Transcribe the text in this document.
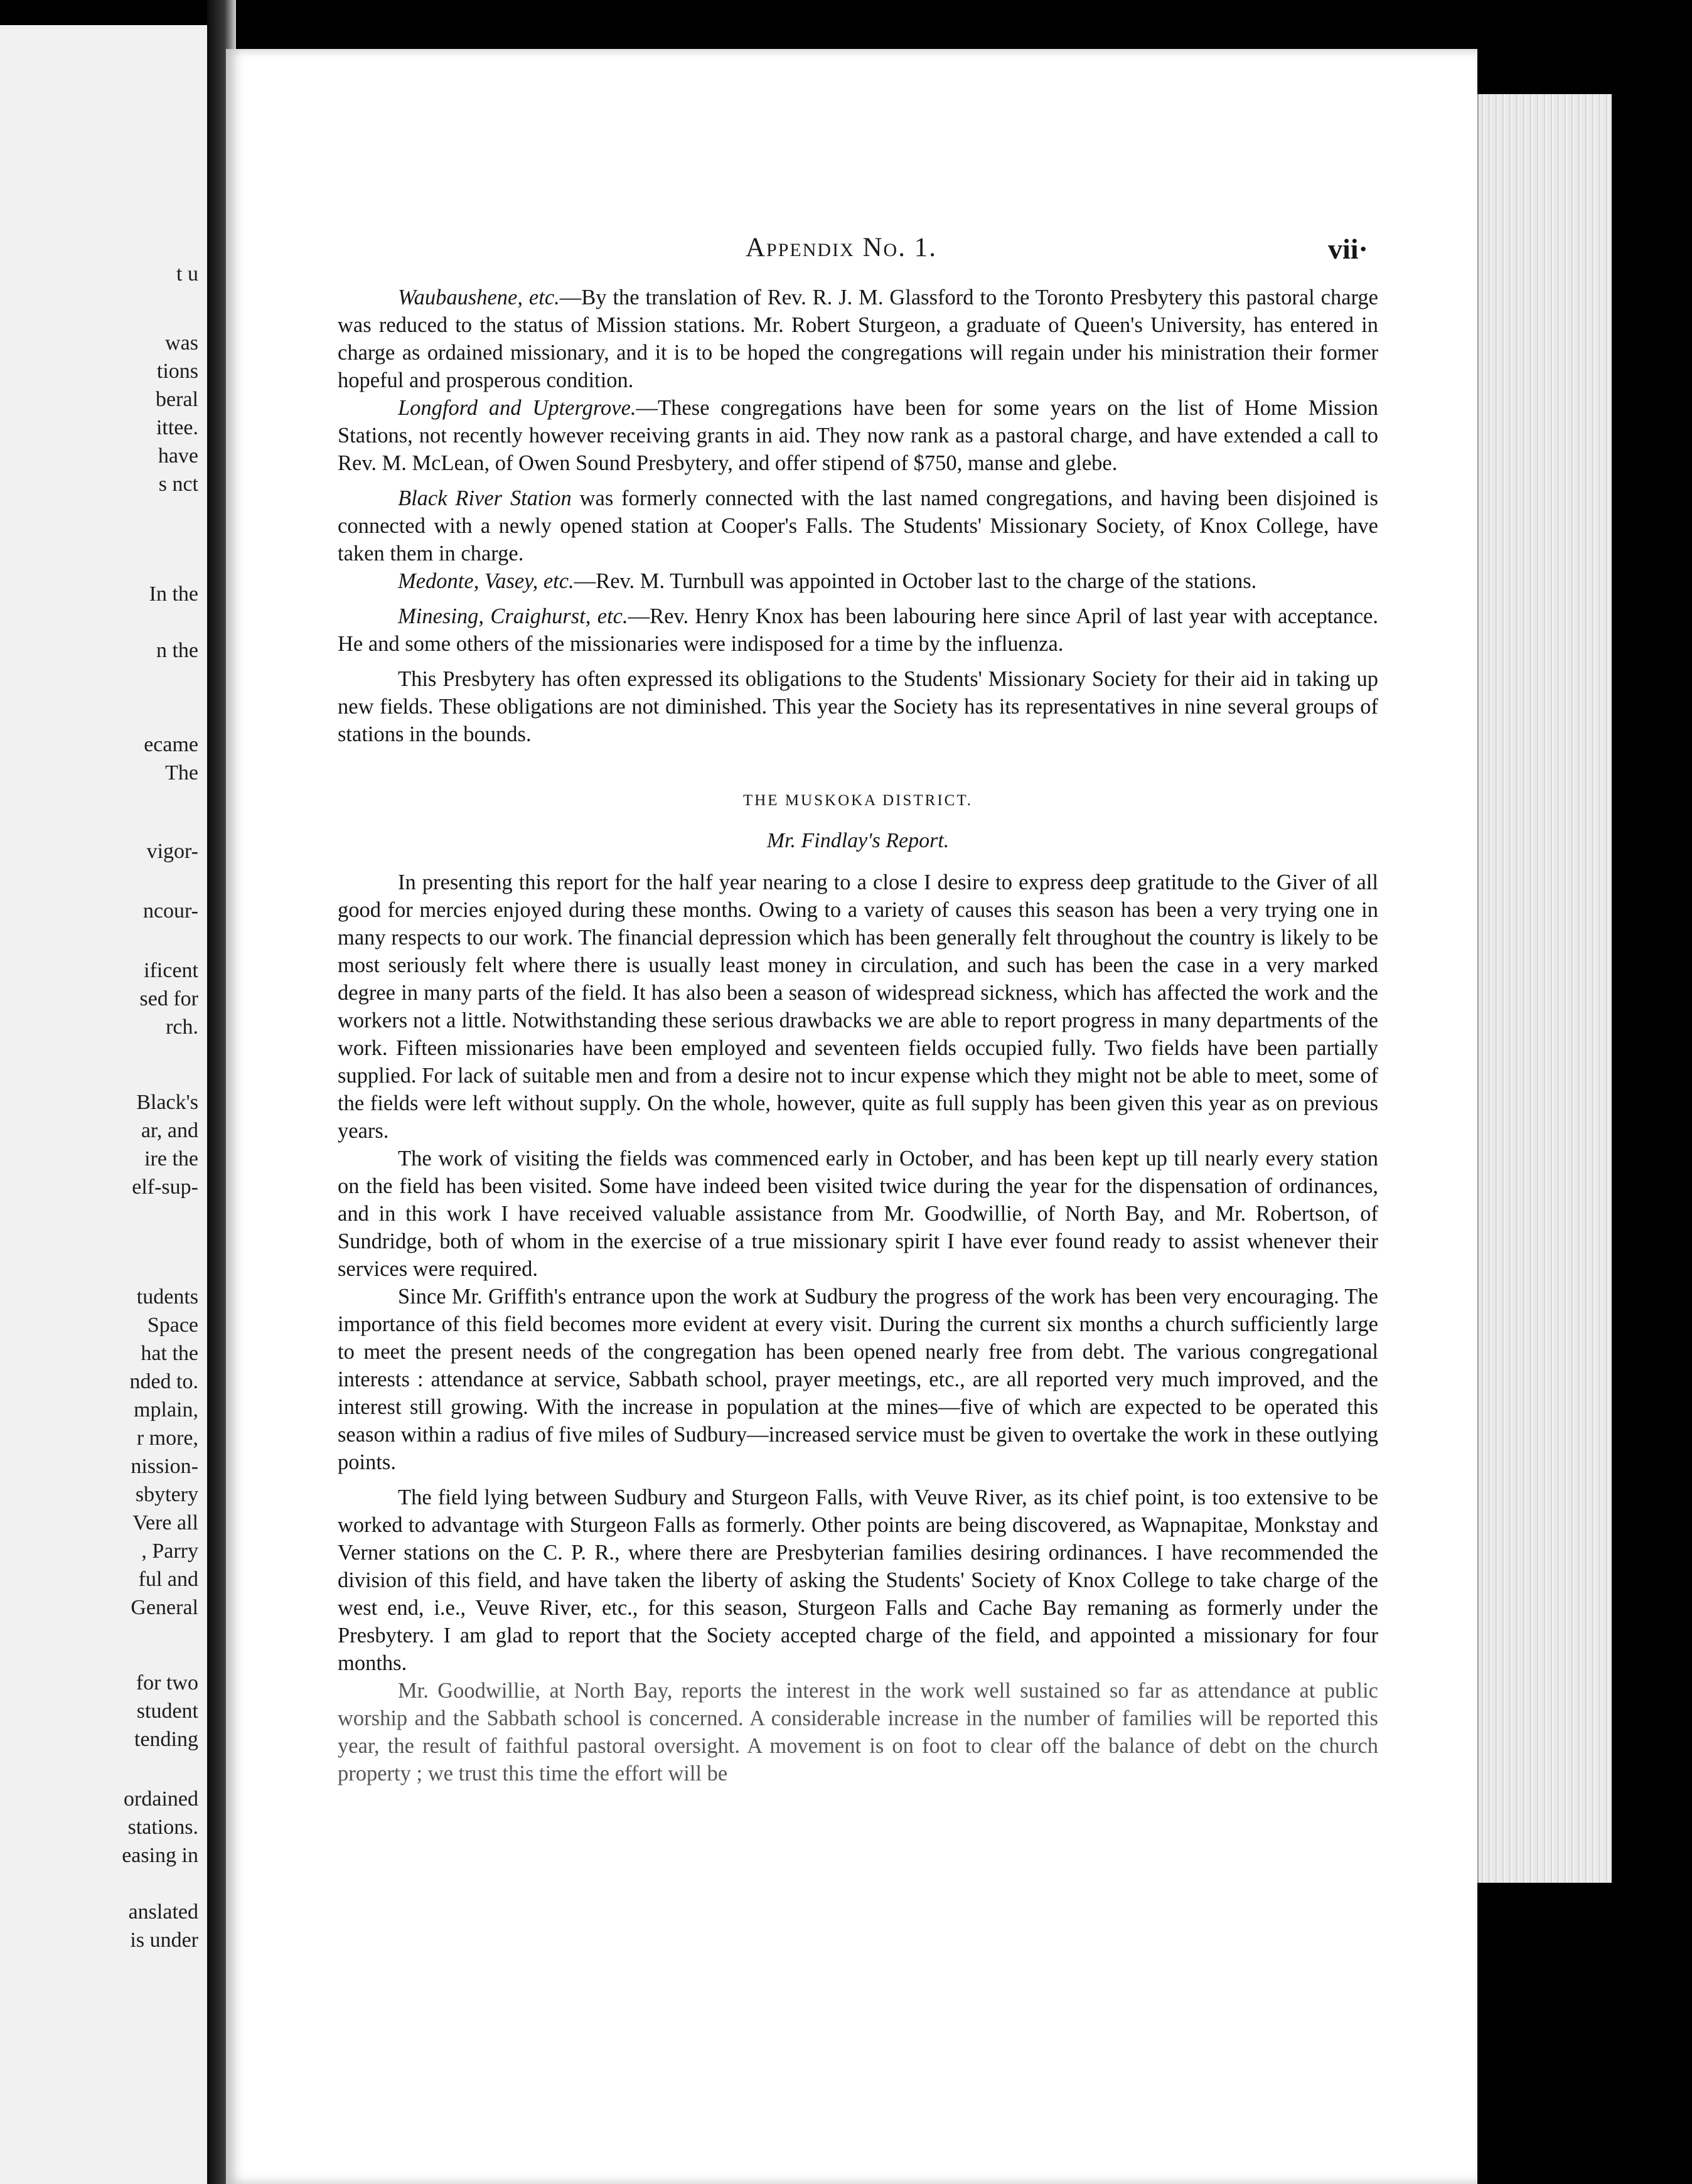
t u
was
tions
beral
ittee.
have
s nct
In the
n the
ecame
The
vigor-
ncour-
ificent
sed for
rch.
Black's
ar, and
ire the
elf-sup-
tudents
Space
hat the
nded to.
mplain,
r more,
nission-
sbytery
Vere all
, Parry
ful and
General
for two
student
tending
ordained
stations.
easing in
anslated
is under
Appendix No. 1.	vii·

Waubaushene, etc.—By the translation of Rev. R. J. M. Glassford to the Toronto Presbytery this pastoral charge was reduced to the status of Mission stations. Mr. Robert Sturgeon, a graduate of Queen's University, has entered in charge as ordained missionary, and it is to be hoped the congregations will regain under his ministration their former hopeful and prosperous condition.

Longford and Uptergrove.—These congregations have been for some years on the list of Home Mission Stations, not recently however receiving grants in aid. They now rank as a pastoral charge, and have extended a call to Rev. M. McLean, of Owen Sound Presbytery, and offer stipend of $750, manse and glebe.

Black River Station was formerly connected with the last named congregations, and having been disjoined is connected with a newly opened station at Cooper's Falls. The Students' Missionary Society, of Knox College, have taken them in charge.

Medonte, Vasey, etc.—Rev. M. Turnbull was appointed in October last to the charge of the stations.

Minesing, Craighurst, etc.—Rev. Henry Knox has been labouring here since April of last year with acceptance. He and some others of the missionaries were indisposed for a time by the influenza.

This Presbytery has often expressed its obligations to the Students' Missionary Society for their aid in taking up new fields. These obligations are not diminished. This year the Society has its representatives in nine several groups of stations in the bounds.

THE MUSKOKA DISTRICT.
Mr. Findlay's Report.

In presenting this report for the half year nearing to a close I desire to express deep gratitude to the Giver of all good for mercies enjoyed during these months. Owing to a variety of causes this season has been a very trying one in many respects to our work. The financial depression which has been generally felt throughout the country is likely to be most seriously felt where there is usually least money in circulation, and such has been the case in a very marked degree in many parts of the field. It has also been a season of widespread sickness, which has affected the work and the workers not a little. Notwithstanding these serious drawbacks we are able to report progress in many departments of the work. Fifteen missionaries have been employed and seventeen fields occupied fully. Two fields have been partially supplied. For lack of suitable men and from a desire not to incur expense which they might not be able to meet, some of the fields were left without supply. On the whole, however, quite as full supply has been given this year as on previous years.

The work of visiting the fields was commenced early in October, and has been kept up till nearly every station on the field has been visited. Some have indeed been visited twice during the year for the dispensation of ordinances, and in this work I have received valuable assistance from Mr. Goodwillie, of North Bay, and Mr. Robertson, of Sundridge, both of whom in the exercise of a true missionary spirit I have ever found ready to assist whenever their services were required.

Since Mr. Griffith's entrance upon the work at Sudbury the progress of the work has been very encouraging. The importance of this field becomes more evident at every visit. During the current six months a church sufficiently large to meet the present needs of the congregation has been opened nearly free from debt. The various congregational interests : attendance at service, Sabbath school, prayer meetings, etc., are all reported very much improved, and the interest still growing. With the increase in population at the mines—five of which are expected to be operated this season within a radius of five miles of Sudbury—increased service must be given to overtake the work in these outlying points.

The field lying between Sudbury and Sturgeon Falls, with Veuve River, as its chief point, is too extensive to be worked to advantage with Sturgeon Falls as formerly. Other points are being discovered, as Wapnapitae, Monkstay and Verner stations on the C. P. R., where there are Presbyterian families desiring ordinances. I have recommended the division of this field, and have taken the liberty of asking the Students' Society of Knox College to take charge of the west end, i.e., Veuve River, etc., for this season, Sturgeon Falls and Cache Bay remaning as formerly under the Presbytery. I am glad to report that the Society accepted charge of the field, and appointed a missionary for four months.

Mr. Goodwillie, at North Bay, reports the interest in the work well sustained so far as attendance at public worship and the Sabbath school is concerned. A considerable increase in the number of families will be reported this year, the result of faithful pastoral oversight. A movement is on foot to clear off the balance of debt on the church property ; we trust this time the effort will be
